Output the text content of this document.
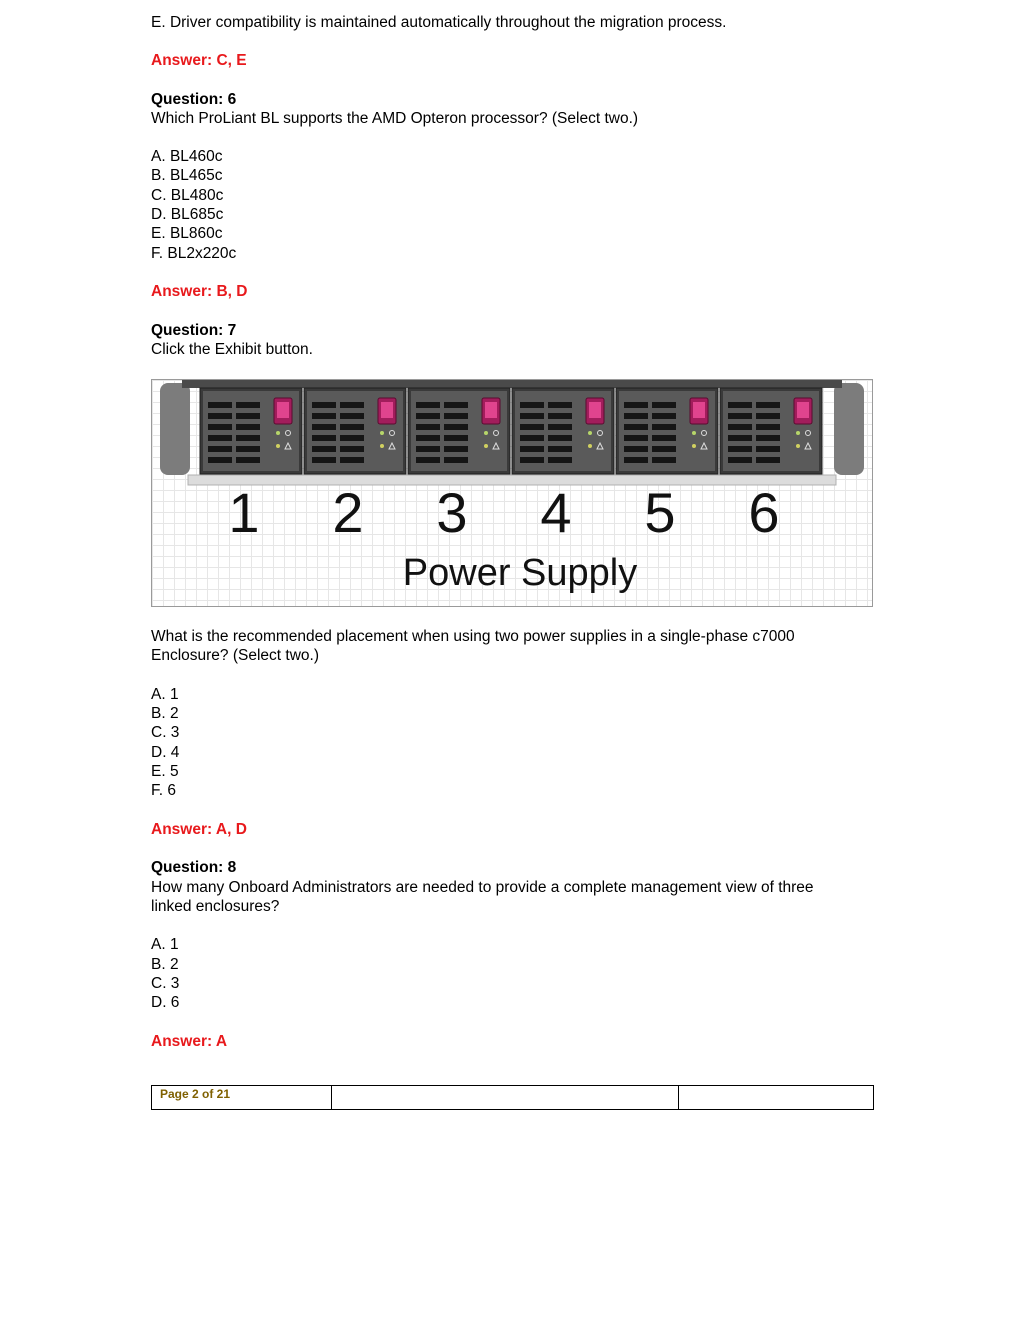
E. Driver compatibility is maintained automatically throughout the migration process.
Answer: C, E
Question: 6
Which ProLiant BL supports the AMD Opteron processor? (Select two.)
A. BL460c
B. BL465c
C. BL480c
D. BL685c
E. BL860c
F. BL2x220c
Answer: B, D
Question: 7
Click the Exhibit button.
1 2 3 4 5 6
Power Supply
What is the recommended placement when using two power supplies in a single-phase c7000
Enclosure? (Select two.)
A. 1
B. 2
C. 3
D. 4
E. 5
F. 6
Answer: A, D
Question: 8
How many Onboard Administrators are needed to provide a complete management view of three
linked enclosures?
A. 1
B. 2
C. 3
D. 6
Answer: A
Page 2 of 21
